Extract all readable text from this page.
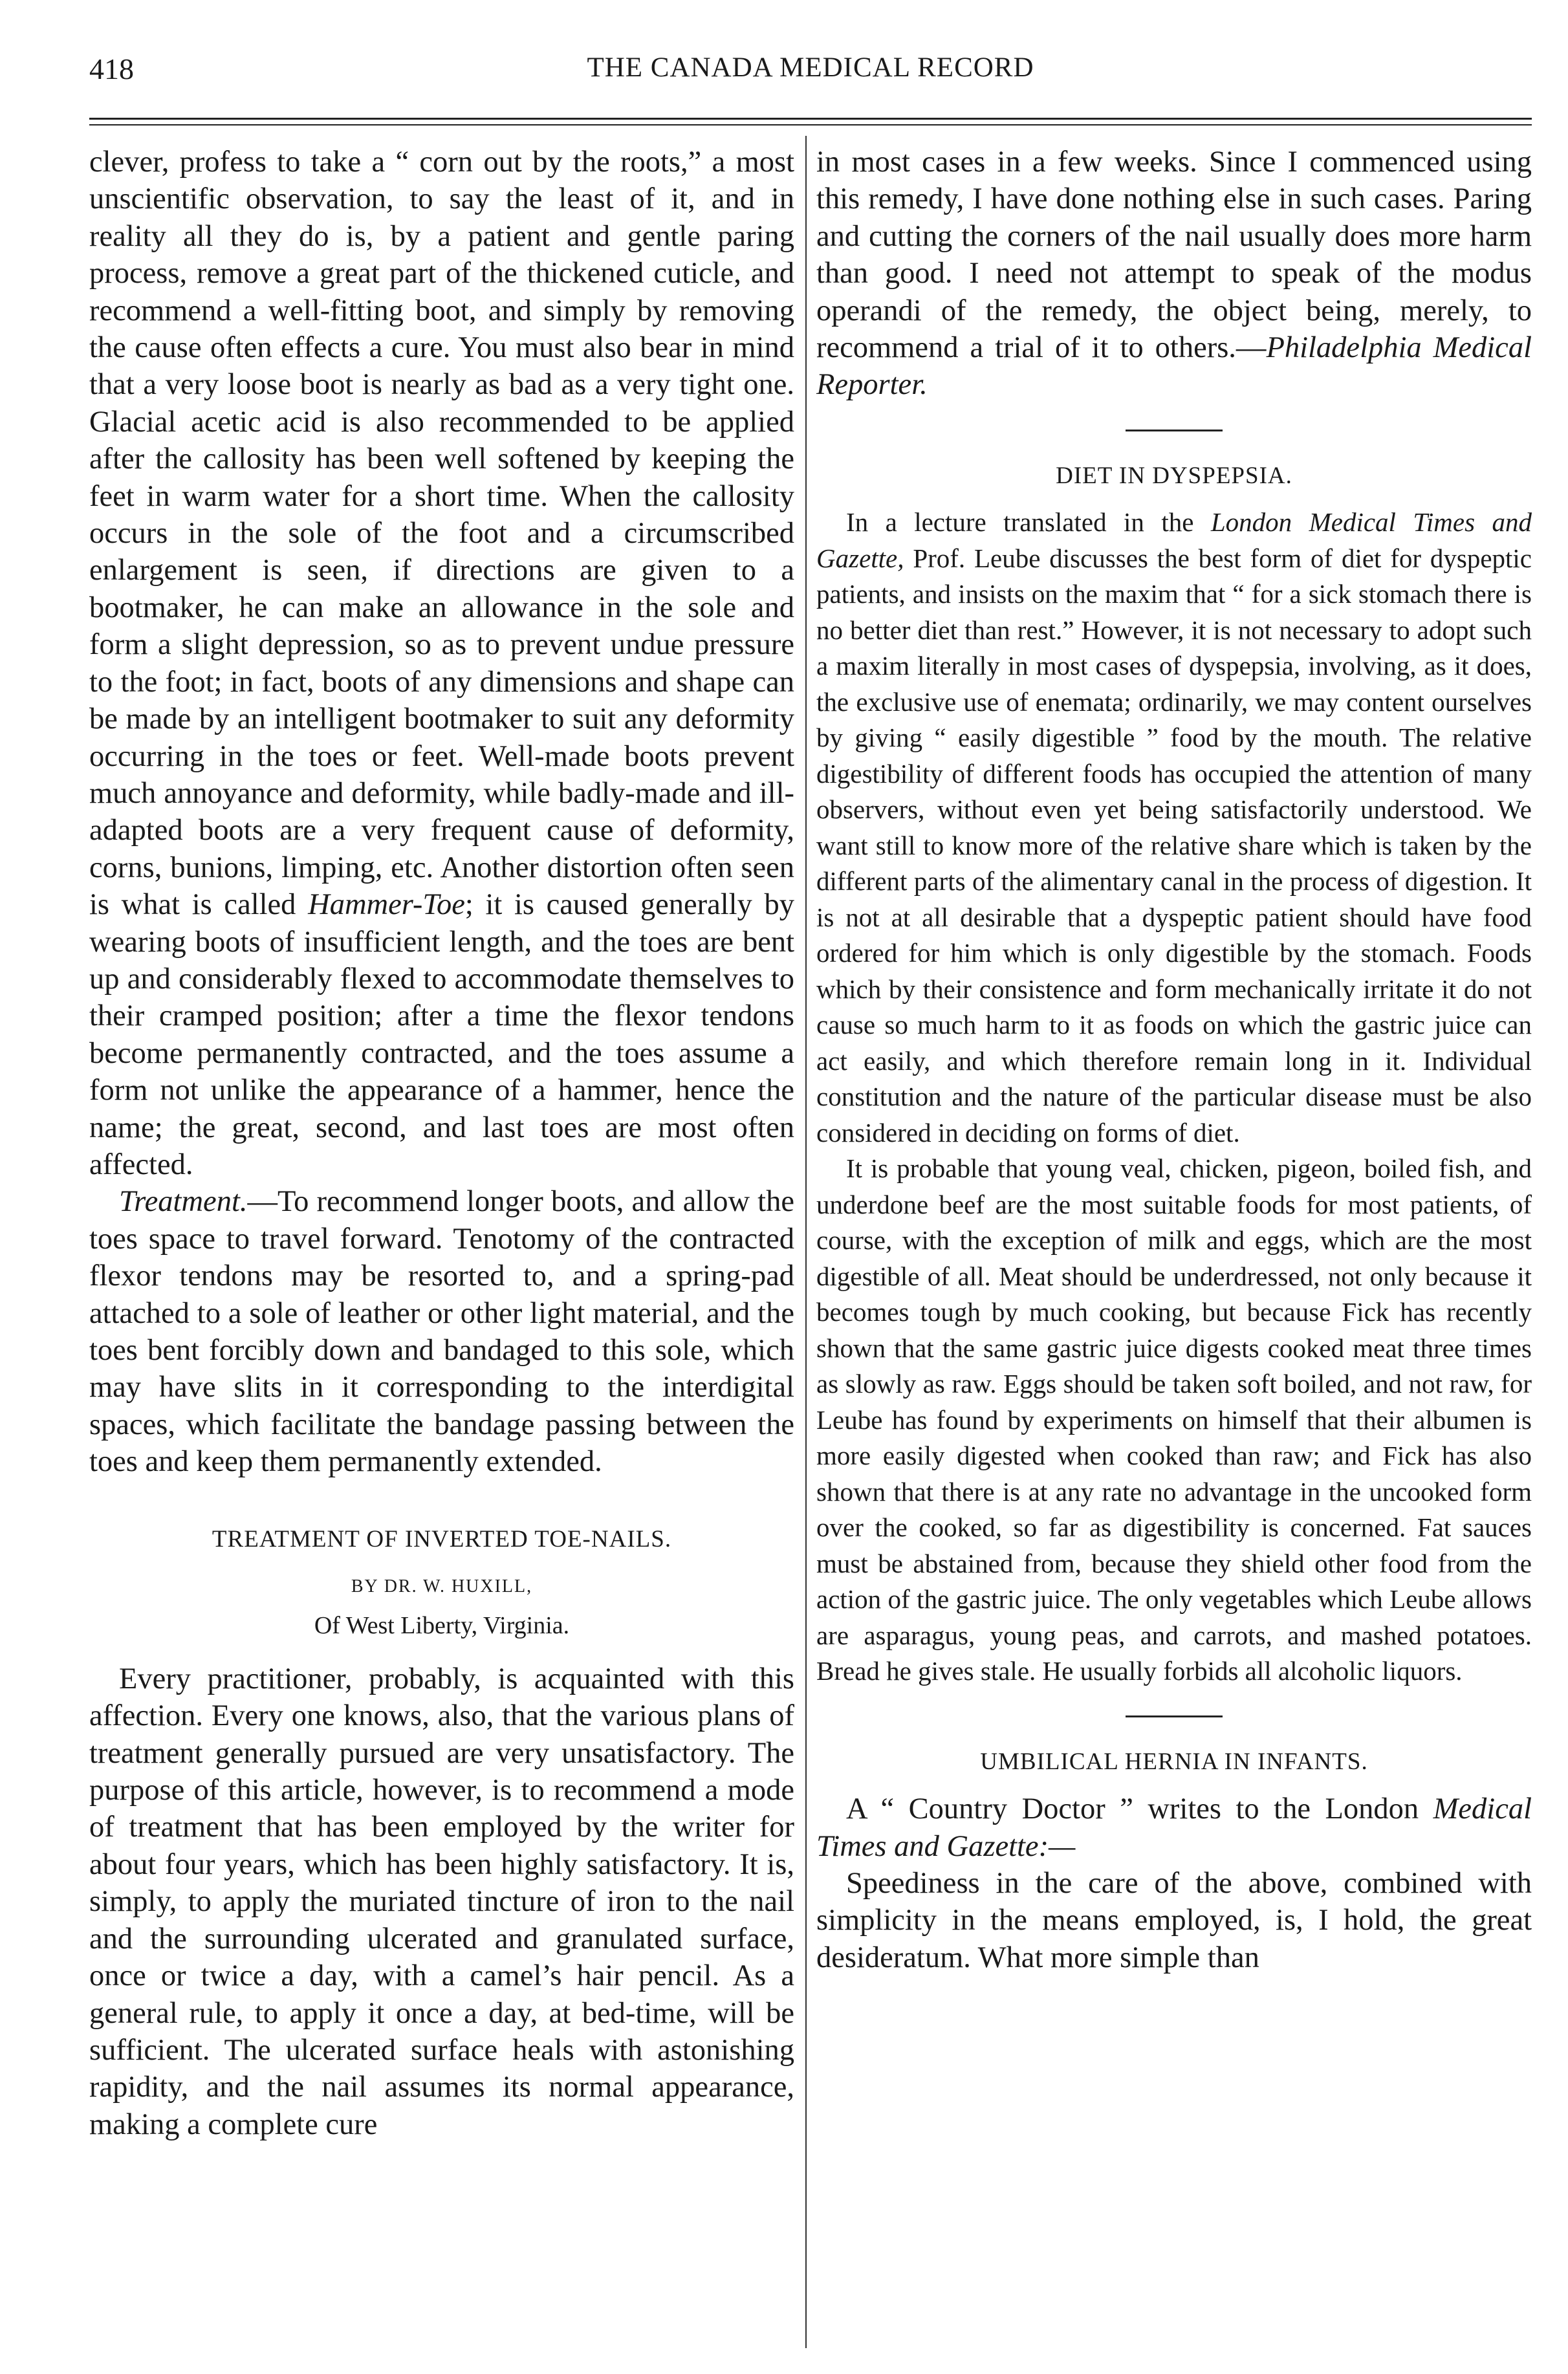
418	THE CANADA MEDICAL RECORD

clever, profess to take a “ corn out by the roots,” a most unscientific observation, to say the least of it, and in reality all they do is, by a patient and gentle paring process, remove a great part of the thickened cuticle, and recommend a well-fitting boot, and simply by removing the cause often effects a cure. You must also bear in mind that a very loose boot is nearly as bad as a very tight one. Glacial acetic acid is also recommended to be applied after the callosity has been well softened by keeping the feet in warm water for a short time. When the callosity occurs in the sole of the foot and a circumscribed enlargement is seen, if directions are given to a bootmaker, he can make an allowance in the sole and form a slight depression, so as to prevent undue pressure to the foot; in fact, boots of any dimensions and shape can be made by an intelligent bootmaker to suit any deformity occurring in the toes or feet. Well-made boots prevent much annoyance and deformity, while badly-made and ill-adapted boots are a very frequent cause of deformity, corns, bunions, limping, etc. Another distortion often seen is what is called Hammer-Toe; it is caused generally by wearing boots of insufficient length, and the toes are bent up and considerably flexed to accommodate themselves to their cramped position; after a time the flexor tendons become permanently contracted, and the toes assume a form not unlike the appearance of a hammer, hence the name; the great, second, and last toes are most often affected.

Treatment.—To recommend longer boots, and allow the toes space to travel forward. Tenotomy of the contracted flexor tendons may be resorted to, and a spring-pad attached to a sole of leather or other light material, and the toes bent forcibly down and bandaged to this sole, which may have slits in it corresponding to the interdigital spaces, which facilitate the bandage passing between the toes and keep them permanently extended.

TREATMENT OF INVERTED TOE-NAILS.
BY DR. W. HUXILL,
Of West Liberty, Virginia.

Every practitioner, probably, is acquainted with this affection. Every one knows, also, that the various plans of treatment generally pursued are very unsatisfactory. The purpose of this article, however, is to recommend a mode of treatment that has been employed by the writer for about four years, which has been highly satisfactory. It is, simply, to apply the muriated tincture of iron to the nail and the surrounding ulcerated and granulated surface, once or twice a day, with a camel’s hair pencil. As a general rule, to apply it once a day, at bed-time, will be sufficient. The ulcerated surface heals with astonishing rapidity, and the nail assumes its normal appearance, making a complete cure

in most cases in a few weeks. Since I commenced using this remedy, I have done nothing else in such cases. Paring and cutting the corners of the nail usually does more harm than good. I need not attempt to speak of the modus operandi of the remedy, the object being, merely, to recommend a trial of it to others.—Philadelphia Medical Reporter.

DIET IN DYSPEPSIA.

In a lecture translated in the London Medical Times and Gazette, Prof. Leube discusses the best form of diet for dyspeptic patients, and insists on the maxim that “ for a sick stomach there is no better diet than rest.” However, it is not necessary to adopt such a maxim literally in most cases of dyspepsia, involving, as it does, the exclusive use of enemata; ordinarily, we may content ourselves by giving “ easily digestible ” food by the mouth. The relative digestibility of different foods has occupied the attention of many observers, without even yet being satisfactorily understood. We want still to know more of the relative share which is taken by the different parts of the alimentary canal in the process of digestion. It is not at all desirable that a dyspeptic patient should have food ordered for him which is only digestible by the stomach. Foods which by their consistence and form mechanically irritate it do not cause so much harm to it as foods on which the gastric juice can act easily, and which therefore remain long in it. Individual constitution and the nature of the particular disease must be also considered in deciding on forms of diet.

It is probable that young veal, chicken, pigeon, boiled fish, and underdone beef are the most suitable foods for most patients, of course, with the exception of milk and eggs, which are the most digestible of all. Meat should be underdressed, not only because it becomes tough by much cooking, but because Fick has recently shown that the same gastric juice digests cooked meat three times as slowly as raw. Eggs should be taken soft boiled, and not raw, for Leube has found by experiments on himself that their albumen is more easily digested when cooked than raw; and Fick has also shown that there is at any rate no advantage in the uncooked form over the cooked, so far as digestibility is concerned. Fat sauces must be abstained from, because they shield other food from the action of the gastric juice. The only vegetables which Leube allows are asparagus, young peas, and carrots, and mashed potatoes. Bread he gives stale. He usually forbids all alcoholic liquors.

UMBILICAL HERNIA IN INFANTS.

A “ Country Doctor ” writes to the London Medical Times and Gazette:—

Speediness in the care of the above, combined with simplicity in the means employed, is, I hold, the great desideratum. What more simple than
